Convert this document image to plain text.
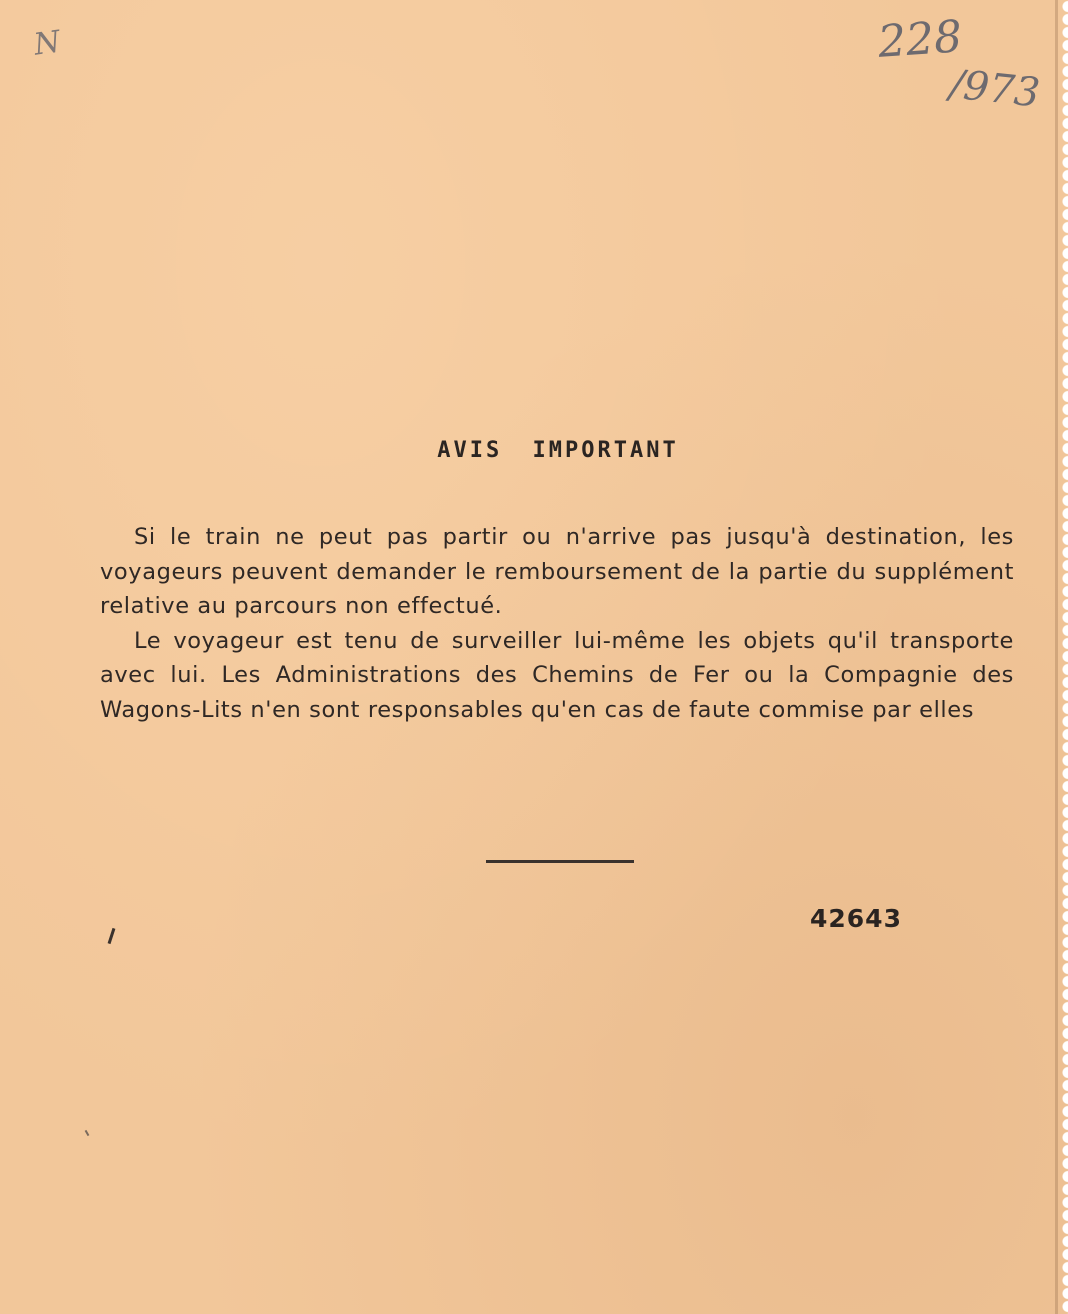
N	228

/973

AVIS IMPORTANT

Si le train ne peut pas partir ou n'arrive pas jusqu'à destination, les voyageurs peuvent demander le remboursement de la partie du supplément relative au parcours non effectué.

Le voyageur est tenu de surveiller lui-même les objets qu'il transporte avec lui. Les Administrations des Chemins de Fer ou la Compagnie des Wagons-Lits n'en sont responsables qu'en cas de faute commise par elles

42643
